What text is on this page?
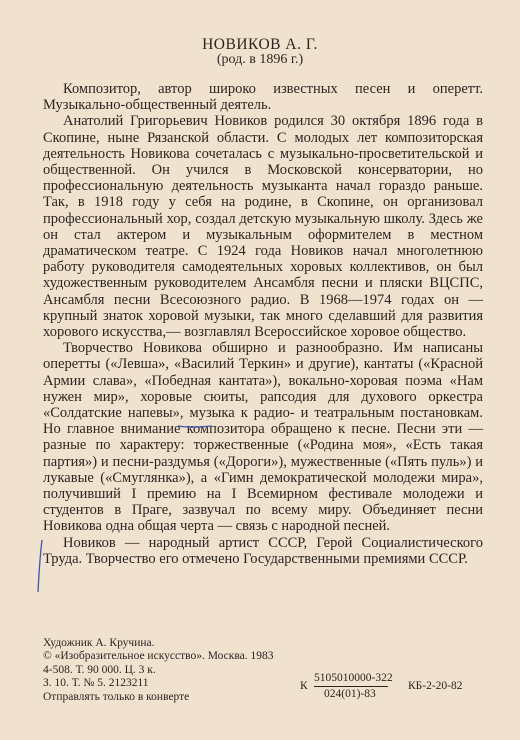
НОВИКОВ А. Г.
(род. в 1896 г.)

Композитор, автор широко известных песен и оперетт. Музыкально-общественный деятель.

Анатолий Григорьевич Новиков родился 30 октября 1896 года в Скопине, ныне Рязанской области. С молодых лет композиторская деятельность Новикова сочеталась с музыкально-просветительской и общественной. Он учился в Московской консерватории, но профессиональную деятельность музыканта начал гораздо раньше. Так, в 1918 году у себя на родине, в Скопине, он организовал профессиональный хор, создал детскую музыкальную школу. Здесь же он стал актером и музыкальным оформителем в местном драматическом театре. С 1924 года Новиков начал многолетнюю работу руководителя самодеятельных хоровых коллективов, он был художественным руководителем Ансамбля песни и пляски ВЦСПС, Ансамбля песни Всесоюзного радио. В 1968—1974 годах он — крупный знаток хоровой музыки, так много сделавший для развития хорового искусства,— возглавлял Всероссийское хоровое общество.

Творчество Новикова обширно и разнообразно. Им написаны оперетты («Левша», «Василий Теркин» и другие), кантаты («Красной Армии слава», «Победная кантата»), вокально-хоровая поэма «Нам нужен мир», хоровые сюиты, рапсодия для духового оркестра «Солдатские напевы», музыка к радио- и театральным постановкам. Но главное внимание композитора обращено к песне. Песни эти — разные по характеру: торжественные («Родина моя», «Есть такая партия») и песни-раздумья («Дороги»), мужественные («Пять пуль») и лукавые («Смуглянка»), а «Гимн демократической молодежи мира», получивший I премию на I Всемирном фестивале молодежи и студентов в Праге, зазвучал по всему миру. Объединяет песни Новикова одна общая черта — связь с народной песней.

Новиков — народный артист СССР, Герой Социалистического Труда. Творчество его отмечено Государственными премиями СССР.

Художник А. Кручина.
© «Изобразительное искусство». Москва. 1983
4-508. Т. 90 000. Ц. 3 к.
З. 10. Т. № 5. 2123211
Отправлять только в конверте
К
5105010000-322
024(01)-83
КБ-2-20-82
